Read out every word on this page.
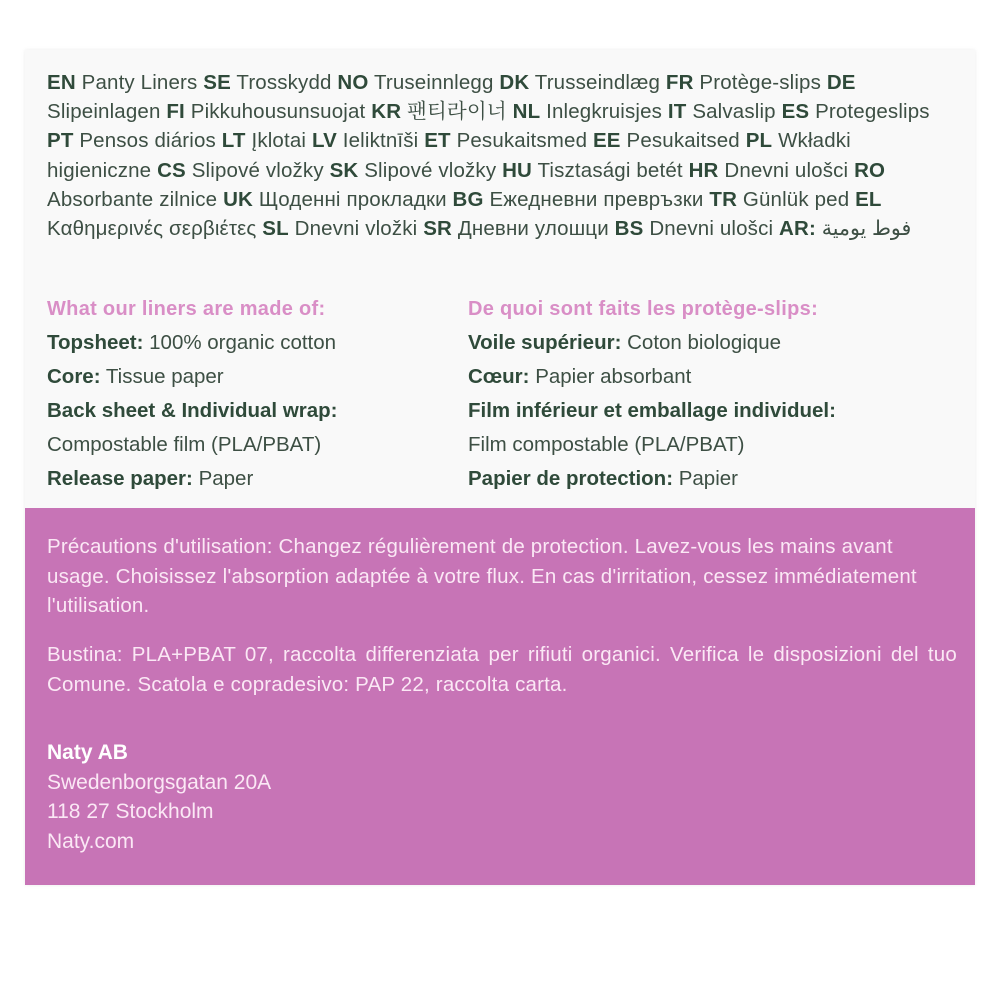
EN Panty Liners SE Trosskydd NO Truseinnlegg DK Trusseindlæg FR Protège-slips DE Slipeinlagen FI Pikkuhousunsuojat KR 팬티라이너 NL Inlegkruisjes IT Salvaslip ES Protegeslips PT Pensos diários LT Įklotai LV Ieliktnīši ET Pesukaitsmed EE Pesukaitsed PL Wkładki higieniczne CS Slipové vložky SK Slipové vložky HU Tisztasági betét HR Dnevni ulošci RO Absorbante zilnice UK Щоденні прокладки BG Ежедневни превръзки TR Günlük ped EL Καθημερινές σερβιέτες SL Dnevni vložki SR Дневни улошци BS Dnevni ulošci AR: فوط يومية
What our liners are made of:
Topsheet: 100% organic cotton
Core: Tissue paper
Back sheet & Individual wrap:
Compostable film (PLA/PBAT)
Release paper: Paper
De quoi sont faits les protège-slips:
Voile supérieur: Coton biologique
Cœur: Papier absorbant
Film inférieur et emballage individuel:
Film compostable (PLA/PBAT)
Papier de protection: Papier
Précautions d'utilisation: Changez régulièrement de protection. Lavez-vous les mains avant usage. Choisissez l'absorption adaptée à votre flux. En cas d'irritation, cessez immédiatement l'utilisation.
Bustina: PLA+PBAT 07, raccolta differenziata per rifiuti organici. Verifica le disposizioni del tuo Comune. Scatola e copradesivo: PAP 22, raccolta carta.
Naty AB
Swedenborgsgatan 20A
118 27 Stockholm
Naty.com
